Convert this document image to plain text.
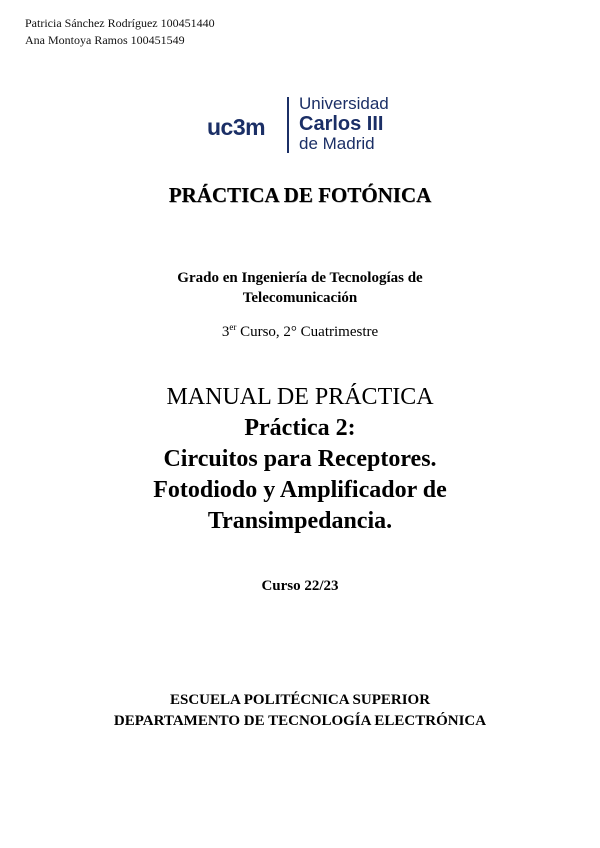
Patricia Sánchez Rodríguez 100451440
Ana Montoya Ramos 100451549
uc3m
Universidad
Carlos III
de Madrid
PRÁCTICA DE FOTÓNICA
Grado en Ingeniería de Tecnologías de
Telecomunicación
3er Curso, 2° Cuatrimestre
MANUAL DE PRÁCTICA
Práctica 2:
Circuitos para Receptores.
Fotodiodo y Amplificador de
Transimpedancia.
Curso 22/23
ESCUELA POLITÉCNICA SUPERIOR
DEPARTAMENTO DE TECNOLOGÍA ELECTRÓNICA
